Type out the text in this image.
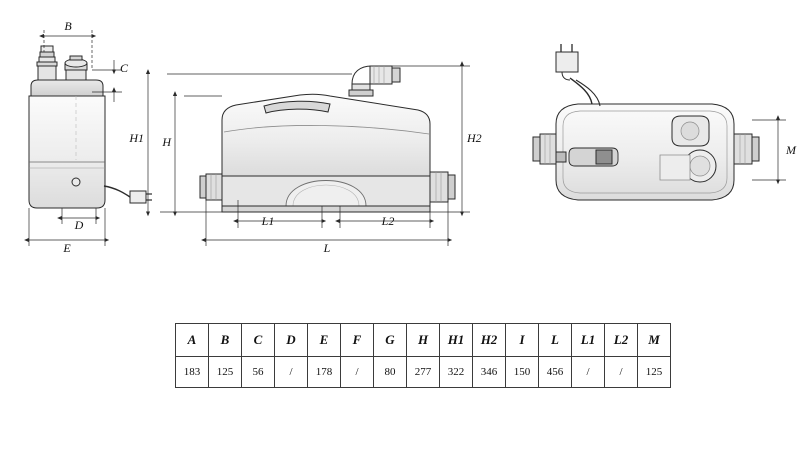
B
C
D
E
H1 H	H2
L1	L2
L
M
A	B	C	D	E	F	G	H	H1	H2	I	L	L1	L2	M
183	125	56	/	178	/	80	277	322	346	150	456	/	/	125
